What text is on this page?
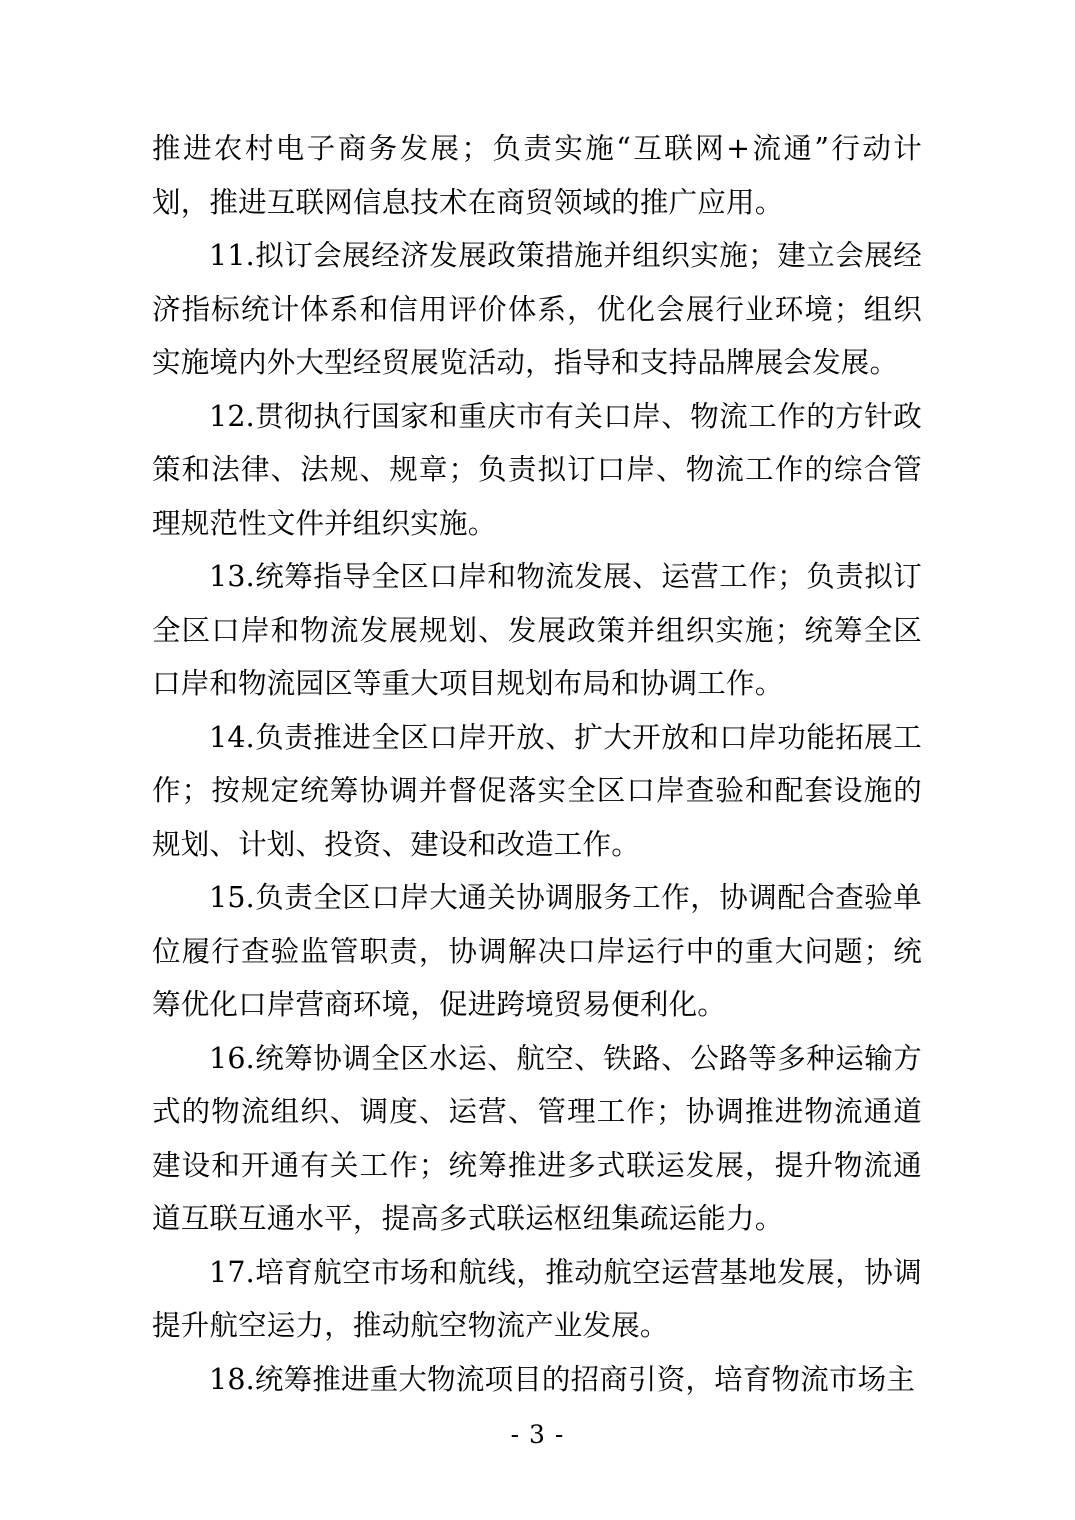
推进农村电子商务发展；负责实施“互联网+流通”行动计划，推进互联网信息技术在商贸领域的推广应用。

11.拟订会展经济发展政策措施并组织实施；建立会展经济指标统计体系和信用评价体系，优化会展行业环境；组织实施境内外大型经贸展览活动，指导和支持品牌展会发展。

12.贯彻执行国家和重庆市有关口岸、物流工作的方针政策和法律、法规、规章；负责拟订口岸、物流工作的综合管理规范性文件并组织实施。

13.统筹指导全区口岸和物流发展、运营工作；负责拟订全区口岸和物流发展规划、发展政策并组织实施；统筹全区口岸和物流园区等重大项目规划布局和协调工作。

14.负责推进全区口岸开放、扩大开放和口岸功能拓展工作；按规定统筹协调并督促落实全区口岸查验和配套设施的规划、计划、投资、建设和改造工作。

15.负责全区口岸大通关协调服务工作，协调配合查验单位履行查验监管职责，协调解决口岸运行中的重大问题；统筹优化口岸营商环境，促进跨境贸易便利化。

16.统筹协调全区水运、航空、铁路、公路等多种运输方式的物流组织、调度、运营、管理工作；协调推进物流通道建设和开通有关工作；统筹推进多式联运发展，提升物流通道互联互通水平，提高多式联运枢纽集疏运能力。

17.培育航空市场和航线，推动航空运营基地发展，协调提升航空运力，推动航空物流产业发展。

18.统筹推进重大物流项目的招商引资，培育物流市场主

- 3 -
